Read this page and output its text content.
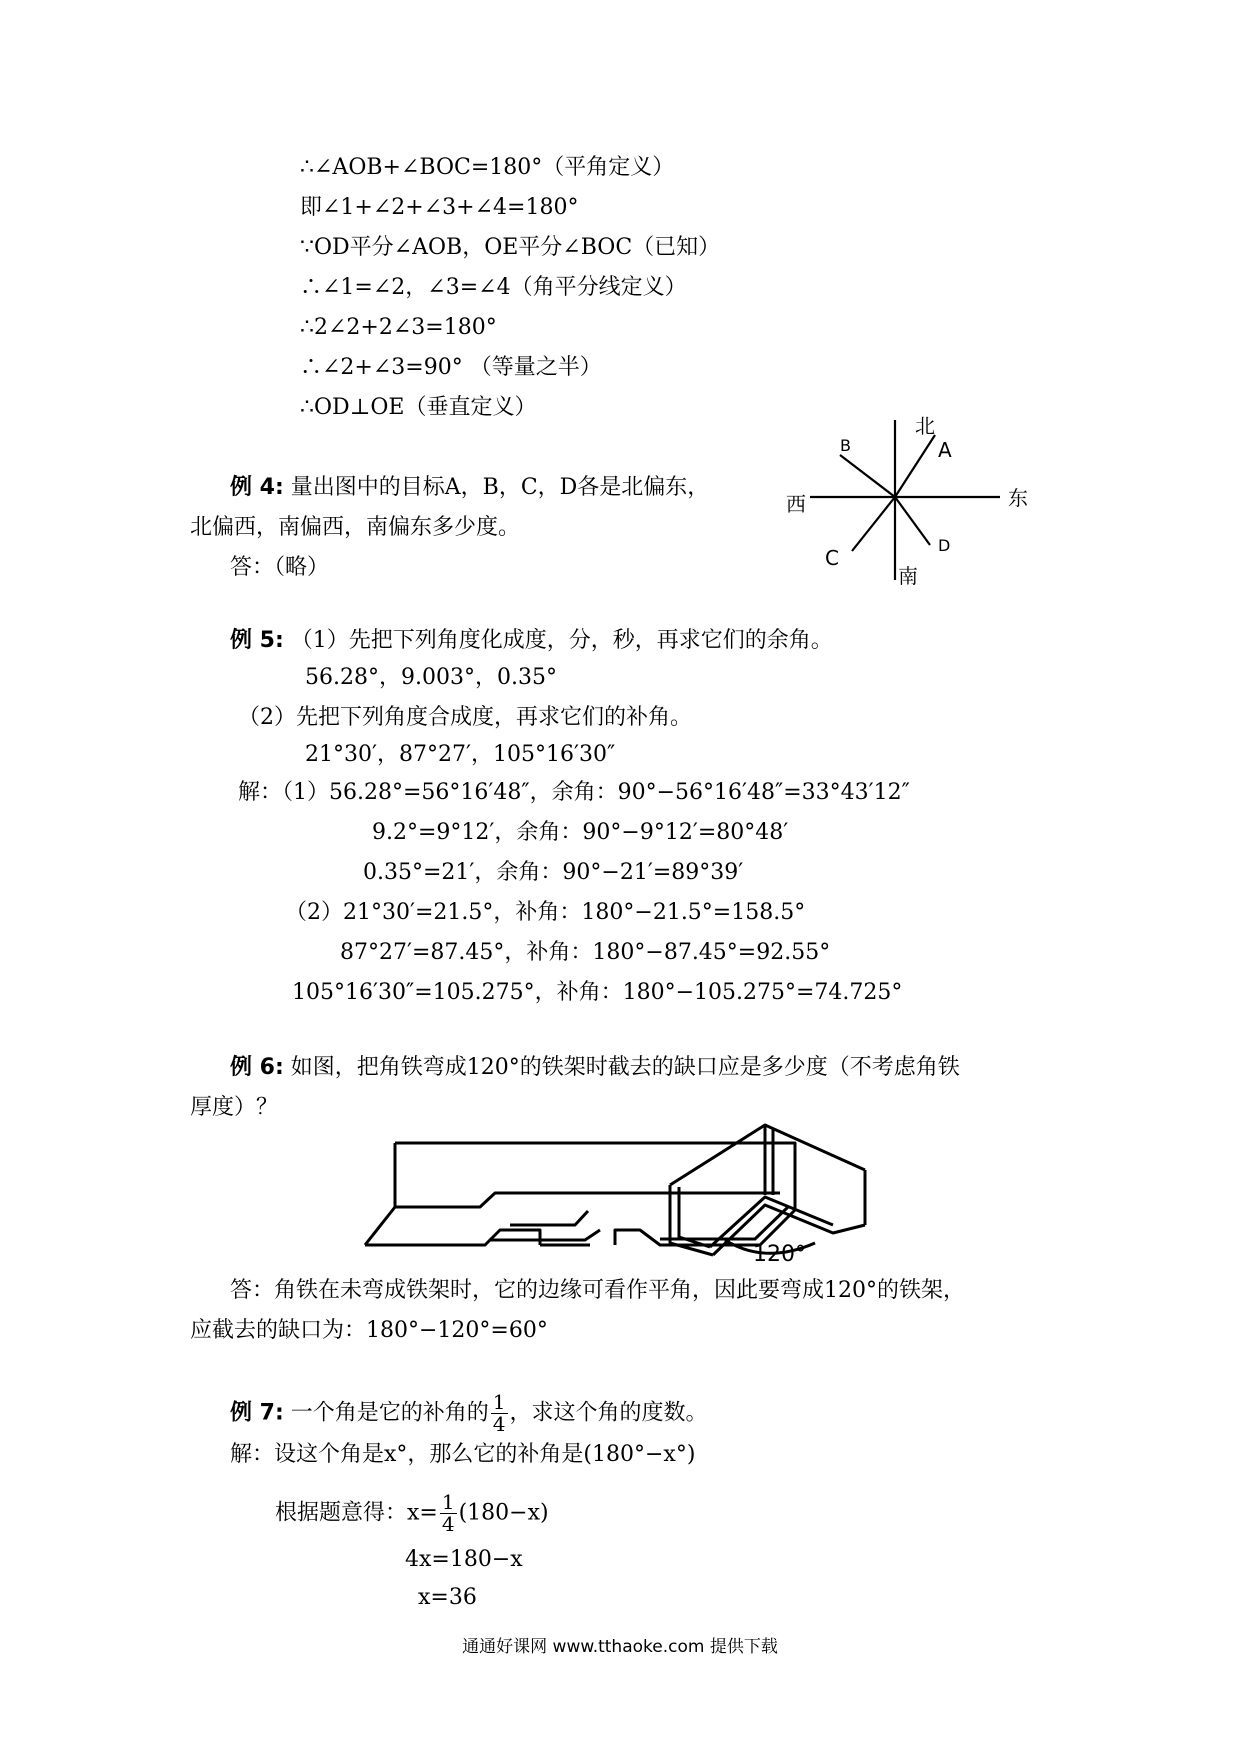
∴∠AOB+∠BOC=180°（平角定义）
即∠1+∠2+∠3+∠4=180°
∵OD平分∠AOB，OE平分∠BOC（已知）
∴∠1=∠2，∠3=∠4（角平分线定义）
∴2∠2+2∠3=180°
∴∠2+∠3=90° （等量之半）
∴OD⊥OE（垂直定义）
例 4: 量出图中的目标A，B，C，D各是北偏东，
北偏西，南偏西，南偏东多少度。
答：（略）
北
南
东
西
A
B
C
D
例 5: （1）先把下列角度化成度，分，秒，再求它们的余角。
56.28°，9.003°，0.35°
（2）先把下列角度合成度，再求它们的补角。
21°30′，87°27′，105°16′30″
解：（1）56.28°=56°16′48″，余角：90°−56°16′48″=33°43′12″
9.2°=9°12′，余角：90°−9°12′=80°48′
0.35°=21′，余角：90°−21′=89°39′
（2）21°30′=21.5°，补角：180°−21.5°=158.5°
87°27′=87.45°，补角：180°−87.45°=92.55°
105°16′30″=105.275°，补角：180°−105.275°=74.725°
例 6: 如图，把角铁弯成120°的铁架时截去的缺口应是多少度（不考虑角铁
厚度）？
120°
答：角铁在未弯成铁架时，它的边缘可看作平角，因此要弯成120°的铁架，
应截去的缺口为：180°−120°=60°
例 7: 一个角是它的补角的 $\frac{1}{4}$ ，求这个角的度数。
解：设这个角是x°，那么它的补角是(180°−x°)
根据题意得：$x= \frac{1}{4} (180-x)$
4x=180−x
x=36
通通好课网 www.tthaoke.com 提供下载
